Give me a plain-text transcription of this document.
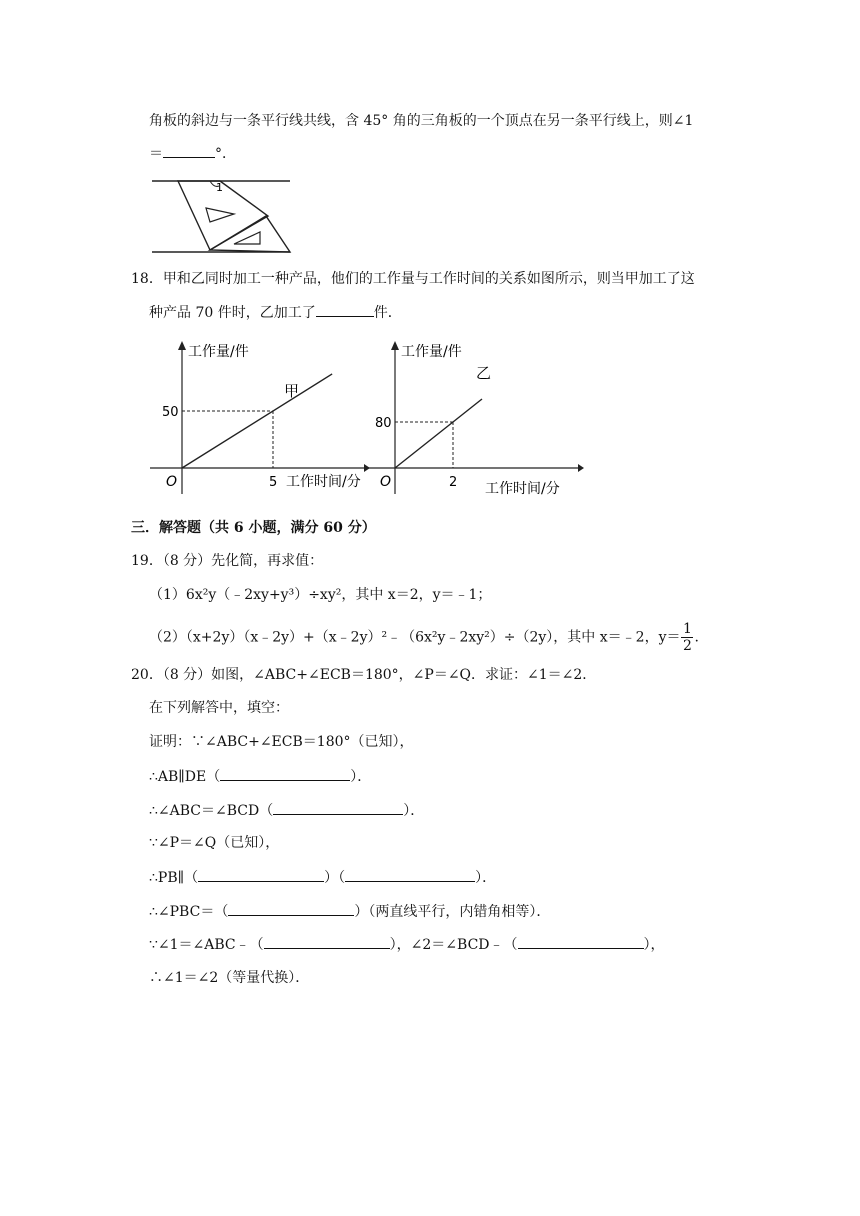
角板的斜边与一条平行线共线，含 45° 角的三角板的一个顶点在另一条平行线上，则∠1
＝	°．
1
18．甲和乙同时加工一种产品，他们的工作量与工作时间的关系如图所示，则当甲加工了这
种产品 70 件时，乙加工了	件．
工作量/件
工作时间/分
O	5
50
甲
工作量/件
工作时间/分
O	2
80
乙
三．解答题（共 6 小题，满分 60 分）
19．（8 分）先化简，再求值：
（1）6x²y（﹣2xy+y³）÷xy²，其中 x＝2，y＝﹣1；
（2）（x+2y）（x﹣2y）+（x﹣2y）²﹣（6x²y﹣2xy²）÷（2y），其中 x＝﹣2，$y= \frac{1}{2}$ .
20．（8 分）如图，∠ABC+∠ECB＝180°，∠P＝∠Q．求证：∠1＝∠2．
在下列解答中，填空：
证明：∵∠ABC+∠ECB＝180°（已知），
∴AB∥DE（	）．
∴∠ABC＝∠BCD（	）．
∵∠P＝∠Q（已知），
∴PB∥（	）（	）．
∴∠PBC＝（	）（两直线平行，内错角相等）．
∵∠1＝∠ABC﹣（	），∠2＝∠BCD﹣（	），
∴∠1＝∠2（等量代换）．
